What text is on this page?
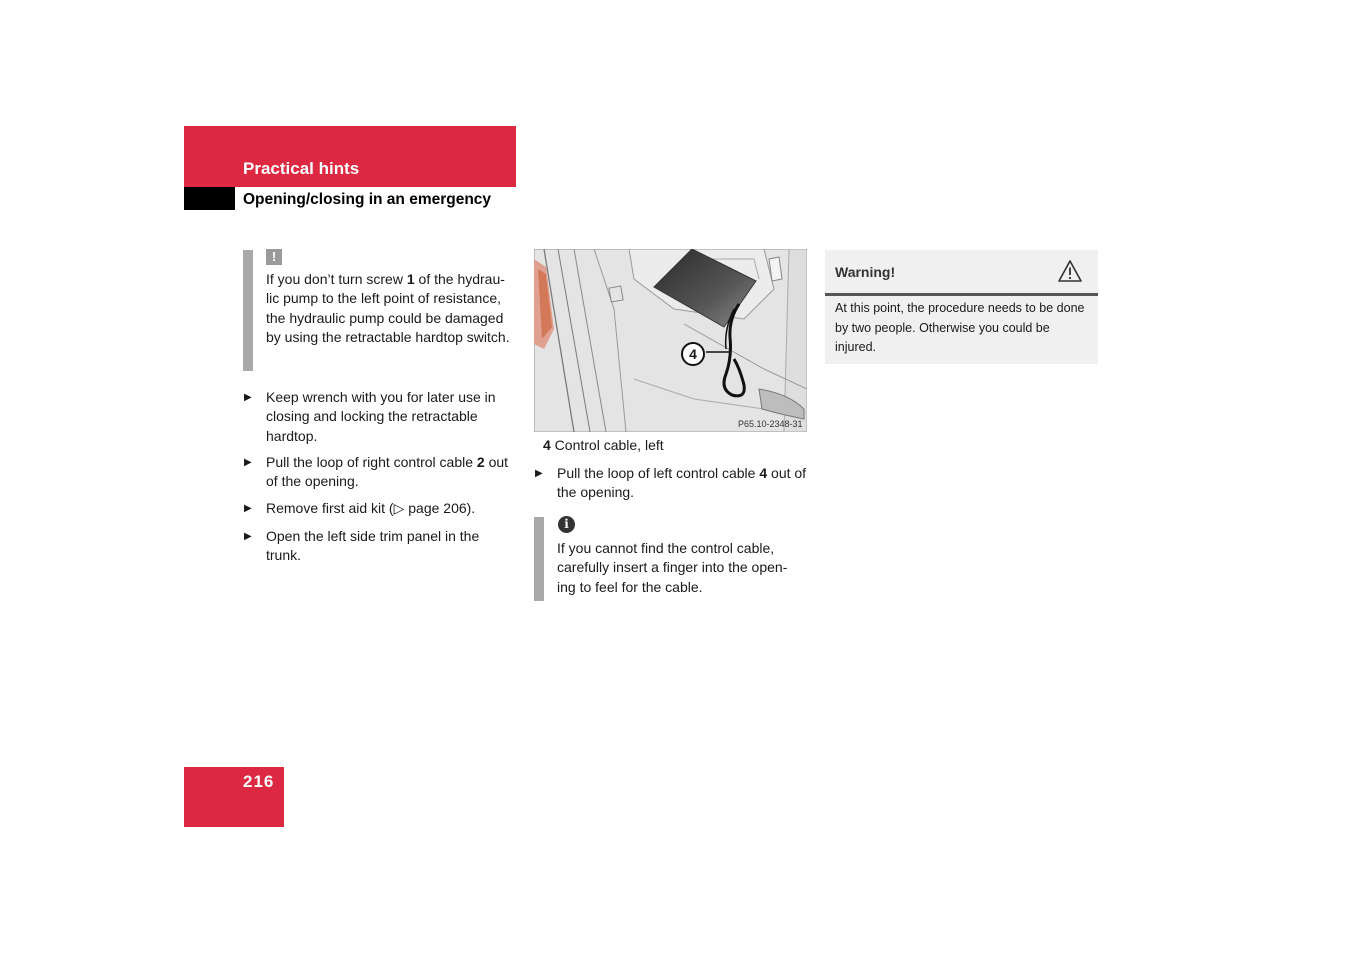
Practical hints
Opening/closing in an emergency
!
If you don’t turn screw 1 of the hydrau-lic pump to the left point of resistance, the hydraulic pump could be damaged by using the retractable hardtop switch.
▶	Keep wrench with you for later use in closing and locking the retractable hardtop.
▶	Pull the loop of right control cable 2 out of the opening.
▶	Remove first aid kit (▷ page 206).
▶	Open the left side trim panel in the trunk.
4
P65.10-2348-31
4 Control cable, left
▶	Pull the loop of left control cable 4 out of the opening.
i
If you cannot find the control cable, carefully insert a finger into the open-ing to feel for the cable.
Warning!
At this point, the procedure needs to be done by two people. Otherwise you could be injured.
216
